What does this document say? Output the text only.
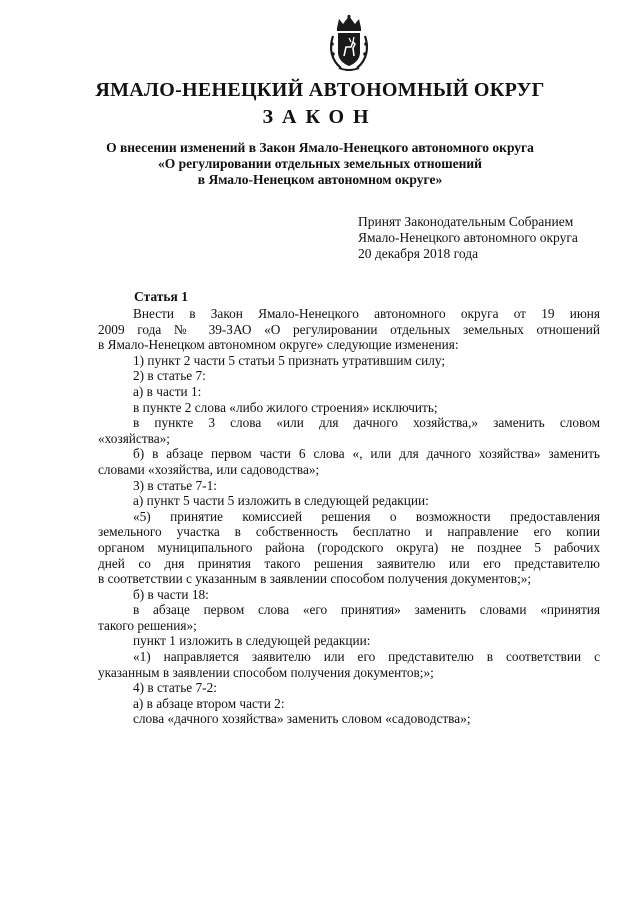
ЯМАЛО-НЕНЕЦКИЙ АВТОНОМНЫЙ ОКРУГ
ЗАКОН
О внесении изменений в Закон Ямало-Ненецкого автономного округа
«О регулировании отдельных земельных отношений
в Ямало-Ненецком автономном округе»
Принят Законодательным Собранием
Ямало-Ненецкого автономного округа
20 декабря 2018 года
Статья 1
Внести в Закон Ямало-Ненецкого автономного округа от 19 июня
2009 года № 39-ЗАО «О регулировании отдельных земельных отношений
в Ямало-Ненецком автономном округе» следующие изменения:
1) пункт 2 части 5 статьи 5 признать утратившим силу;
2) в статье 7:
а) в части 1:
в пункте 2 слова «либо жилого строения» исключить;
в пункте 3 слова «или для дачного хозяйства,» заменить словом
«хозяйства»;
б) в абзаце первом части 6 слова «, или для дачного хозяйства» заменить
словами «хозяйства, или садоводства»;
3) в статье 7-1:
а) пункт 5 части 5 изложить в следующей редакции:
«5) принятие комиссией решения о возможности предоставления
земельного участка в собственность бесплатно и направление его копии
органом муниципального района (городского округа) не позднее 5 рабочих
дней со дня принятия такого решения заявителю или его представителю
в соответствии с указанным в заявлении способом получения документов;»;
б) в части 18:
в абзаце первом слова «его принятия» заменить словами «принятия
такого решения»;
пункт 1 изложить в следующей редакции:
«1) направляется заявителю или его представителю в соответствии с
указанным в заявлении способом получения документов;»;
4) в статье 7-2:
а) в абзаце втором части 2:
слова «дачного хозяйства» заменить словом «садоводства»;
